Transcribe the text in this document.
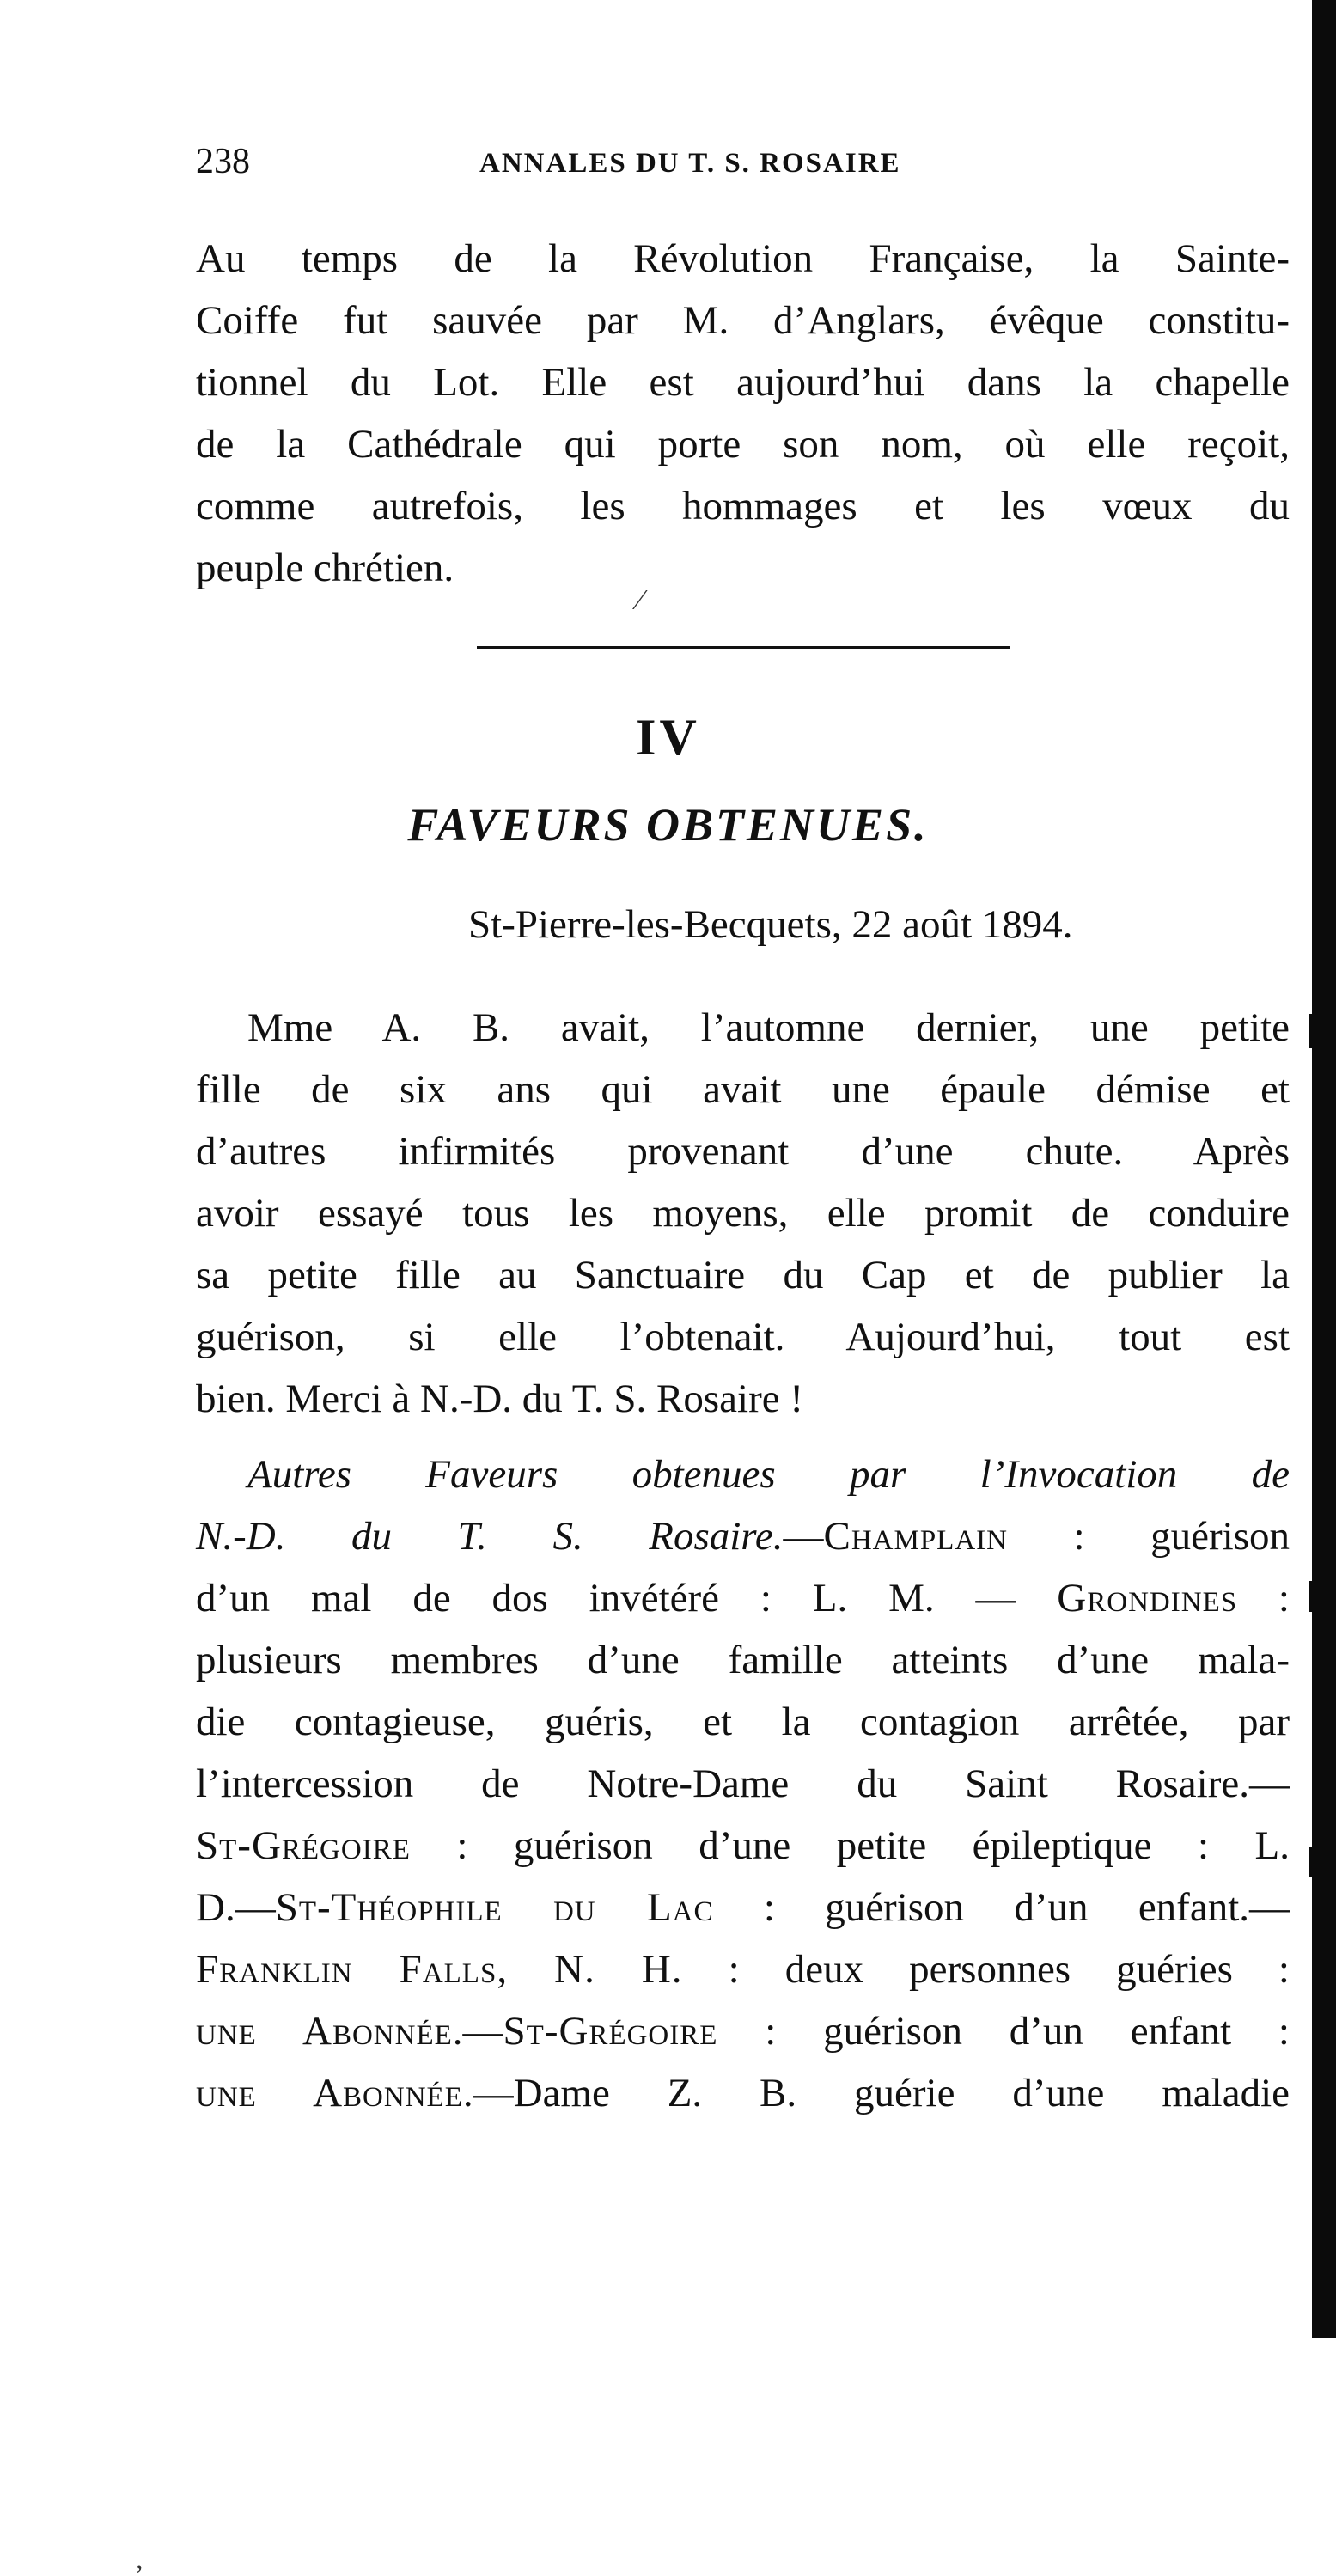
238	ANNALES DU T. S. ROSAIRE
Au temps de la Révolution Française, la Sainte-
Coiffe fut sauvée par M. d’Anglars, évêque constitu-
tionnel du Lot. Elle est aujourd’hui dans la chapelle
de la Cathédrale qui porte son nom, où elle reçoit,
comme autrefois, les hommages et les vœux du
peuple chrétien.
⁄
IV
FAVEURS OBTENUES.
St-Pierre-les-Becquets, 22 août 1894.
Mme A. B. avait, l’automne dernier, une petite
fille de six ans qui avait une épaule démise et
d’autres infirmités provenant d’une chute. Après
avoir essayé tous les moyens, elle promit de conduire
sa petite fille au Sanctuaire du Cap et de publier la
guérison, si elle l’obtenait. Aujourd’hui, tout est
bien. Merci à N.-D. du T. S. Rosaire !
Autres Faveurs obtenues par l’Invocation de
N.-D. du T. S. Rosaire.—Champlain : guérison
d’un mal de dos invétéré : L. M. — Grondines :
plusieurs membres d’une famille atteints d’une mala-
die contagieuse, guéris, et la contagion arrêtée, par
l’intercession de Notre-Dame du Saint Rosaire.—
St-Grégoire : guérison d’une petite épileptique : L.
D.—St-Théophile du Lac : guérison d’un enfant.—
Franklin Falls, N. H. : deux personnes guéries :
une Abonnée.—St-Grégoire : guérison d’un enfant :
une Abonnée.—Dame Z. B. guérie d’une maladie
,
